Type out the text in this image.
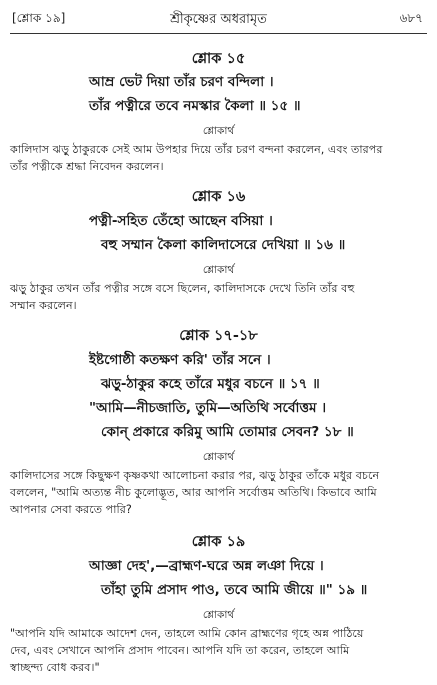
[শ্লোক ১৯]	শ্রীকৃষ্ণের অধরামৃত	৬৮৭
শ্লোক ১৫
আম্র ভেট দিয়া তাঁর চরণ বন্দিলা ।
তাঁর পত্নীরে তবে নমস্কার কৈলা ॥ ১৫ ॥
শ্লোকার্থ
কালিদাস ঝড়ু ঠাকুরকে সেই আম উপহার দিয়ে তাঁর চরণ বন্দনা করলেন, এবং তারপর
তাঁর পত্নীকে শ্রদ্ধা নিবেদন করলেন।
শ্লোক ১৬
পত্নী-সহিত তেঁহো আছেন বসিয়া ।
বহু সম্মান কৈলা কালিদাসেরে দেখিয়া ॥ ১৬ ॥
শ্লোকার্থ
ঝড়ু ঠাকুর তখন তাঁর পত্নীর সঙ্গে বসে ছিলেন, কালিদাসকে দেখে তিনি তাঁর বহু
সম্মান করলেন।
শ্লোক ১৭-১৮
ইষ্টগোষ্ঠী কতক্ষণ করি' তাঁর সনে ।
ঝড়ু-ঠাকুর কহে তাঁরে মধুর বচনে ॥ ১৭ ॥
"আমি—নীচজাতি, তুমি—অতিথি সর্বোত্তম ।
কোন্ প্রকারে করিমু আমি তোমার সেবন? ১৮ ॥
শ্লোকার্থ
কালিদাসের সঙ্গে কিছুক্ষণ কৃষ্ণকথা আলোচনা করার পর, ঝড়ু ঠাকুর তাঁকে মধুর বচনে
বললেন, "আমি অত্যন্ত নীচ কুলোদ্ভূত, আর আপনি সর্বোত্তম অতিথি। কিভাবে আমি
আপনার সেবা করতে পারি?
শ্লোক ১৯
আজ্ঞা দেহ',—ব্রাহ্মণ-ঘরে অন্ন লঞা দিয়ে ।
তাঁহা তুমি প্রসাদ পাও, তবে আমি জীয়ে ॥" ১৯ ॥
শ্লোকার্থ
"আপনি যদি আমাকে আদেশ দেন, তাহলে আমি কোন ব্রাহ্মণের গৃহে অন্ন পাঠিয়ে
দেব, এবং সেখানে আপনি প্রসাদ পাবেন। আপনি যদি তা করেন, তাহলে আমি
স্বাচ্ছন্দ্য বোধ করব।"
